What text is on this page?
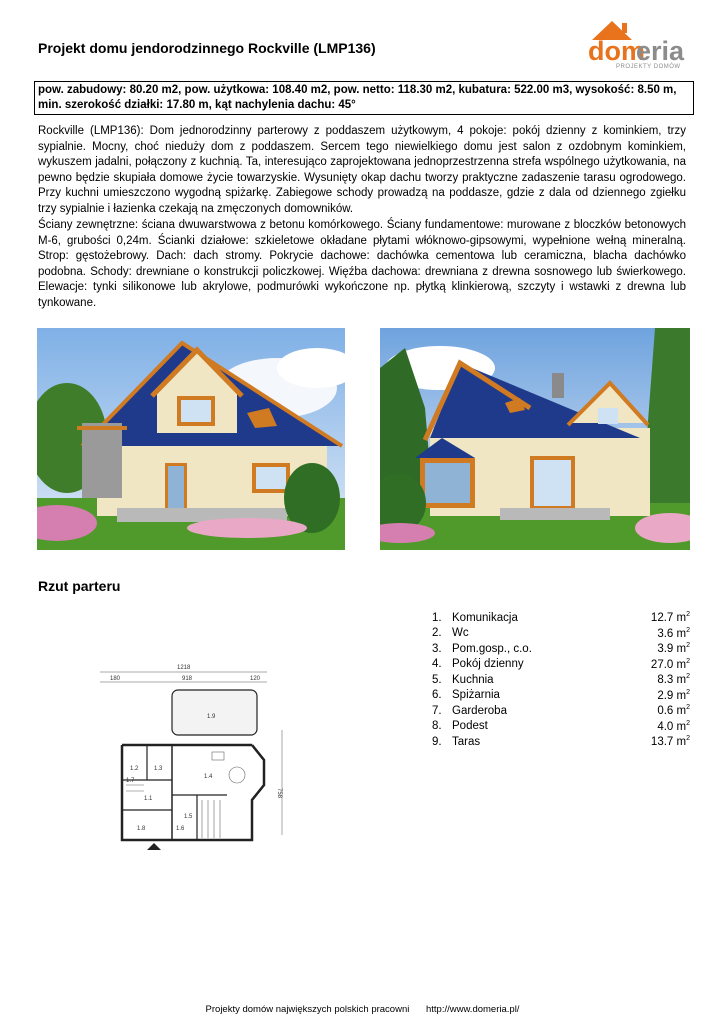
Projekt domu jendorodzinnego Rockville (LMP136)	dom
eria
PROJEKTY DOMÓW
pow. zabudowy: 80.20 m2, pow. użytkowa: 108.40 m2, pow. netto: 118.30 m2, kubatura: 522.00 m3, wysokość: 8.50 m, min. szerokość działki: 17.80 m, kąt nachylenia dachu: 45°

Rockville (LMP136): Dom jednorodzinny parterowy z poddaszem użytkowym, 4 pokoje: pokój dzienny z kominkiem, trzy sypialnie. Mocny, choć nieduży dom z poddaszem. Sercem tego niewielkiego domu jest salon z ozdobnym kominkiem, wykuszem jadalni, połączony z kuchnią. Ta, interesująco zaprojektowana jednoprzestrzenna strefa wspólnego użytkowania, na pewno będzie skupiała domowe życie towarzyskie. Wysunięty okap dachu tworzy praktyczne zadaszenie tarasu ogrodowego. Przy kuchni umieszczono wygodną spiżarkę. Zabiegowe schody prowadzą na poddasze, gdzie z dala od dziennego zgiełku trzy sypialnie i łazienka czekają na zmęczonych domowników.

Ściany zewnętrzne: ściana dwuwarstwowa z betonu komórkowego. Ściany fundamentowe: murowane z bloczków betonowych M-6, grubości 0,24m. Ścianki działowe: szkieletowe okładane płytami włóknowo-gipsowymi, wypełnione wełną mineralną. Strop: gęstożebrowy. Dach: dach stromy. Pokrycie dachowe: dachówka cementowa lub ceramiczna, blacha dachówko podobna. Schody: drewniane o konstrukcji policzkowej. Więźba dachowa: drewniana z drewna sosnowego lub świerkowego. Elewacje: tynki silikonowe lub akrylowe, podmurówki wykończone np. płytką klinkierową, szczyty i wstawki z drewna lub tynkowane.

Rzut parteru
1. Komunikacja	12.7 $m^2$
2. Wc	3.6 $m^2$
3. Pom.gosp., c.o.	3.9 $m^2$
4. Pokój dzienny	27.0 $m^2$
5. Kuchnia	8.3 $m^2$
6. Spiżarnia	2.9 $m^2$
7. Garderoba	0.6 $m^2$
8. Podest	4.0 $m^2$
9. Taras	13.7 $m^2$
1218
180	918	120
758
1.9
1.2	1.3
1.4
1.7
1.1
1.5
1.6
1.8
Projekty domów największych polskich pracowni http://www.domeria.pl/
